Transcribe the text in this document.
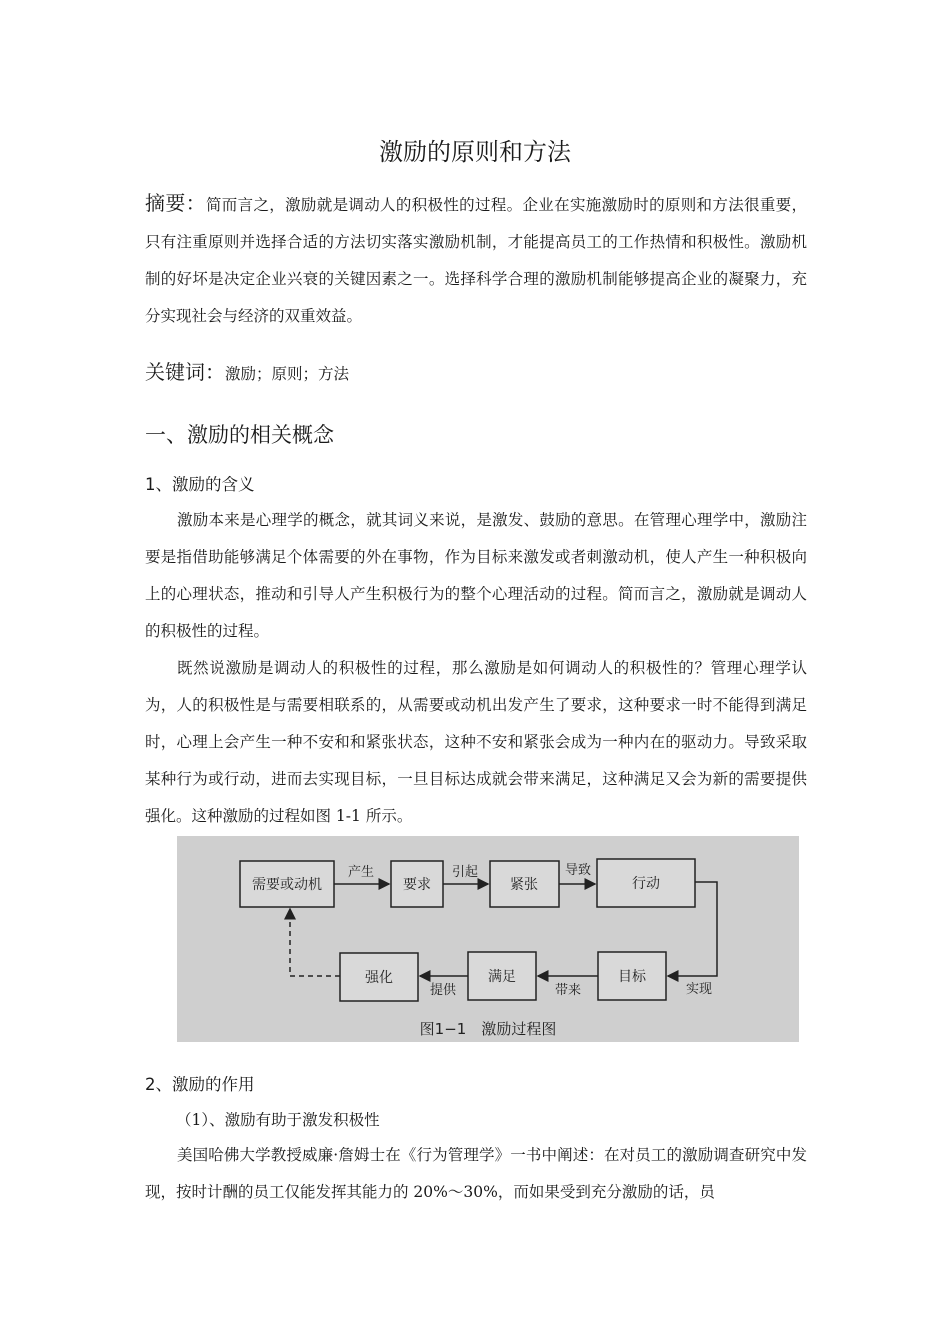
激励的原则和方法

摘要：简而言之，激励就是调动人的积极性的过程。企业在实施激励时的原则和方法很重要，只有注重原则并选择合适的方法切实落实激励机制，才能提高员工的工作热情和积极性。激励机制的好坏是决定企业兴衰的关键因素之一。选择科学合理的激励机制能够提高企业的凝聚力，充分实现社会与经济的双重效益。

关键词：激励；原则；方法

一、激励的相关概念
1、激励的含义

激励本来是心理学的概念，就其词义来说，是激发、鼓励的意思。在管理心理学中，激励注要是指借助能够满足个体需要的外在事物，作为目标来激发或者刺激动机，使人产生一种积极向上的心理状态，推动和引导人产生积极行为的整个心理活动的过程。简而言之，激励就是调动人的积极性的过程。

既然说激励是调动人的积极性的过程，那么激励是如何调动人的积极性的？管理心理学认为，人的积极性是与需要相联系的，从需要或动机出发产生了要求，这种要求一时不能得到满足时，心理上会产生一种不安和和紧张状态，这种不安和紧张会成为一种内在的驱动力。导致采取某种行为或行动，进而去实现目标，一旦目标达成就会带来满足，这种满足又会为新的需要提供强化。这种激励的过程如图 1-1 所示。

需要或动机	要求	紧张	行动
强化	满足	目标
产生	引起	导致
实现
带来
提供
图1−1　激励过程图
2、激励的作用
（1）、激励有助于激发积极性

美国哈佛大学教授威廉·詹姆士在《行为管理学》一书中阐述：在对员工的激励调查研究中发现，按时计酬的员工仅能发挥其能力的 20%～30%，而如果受到充分激励的话，员
